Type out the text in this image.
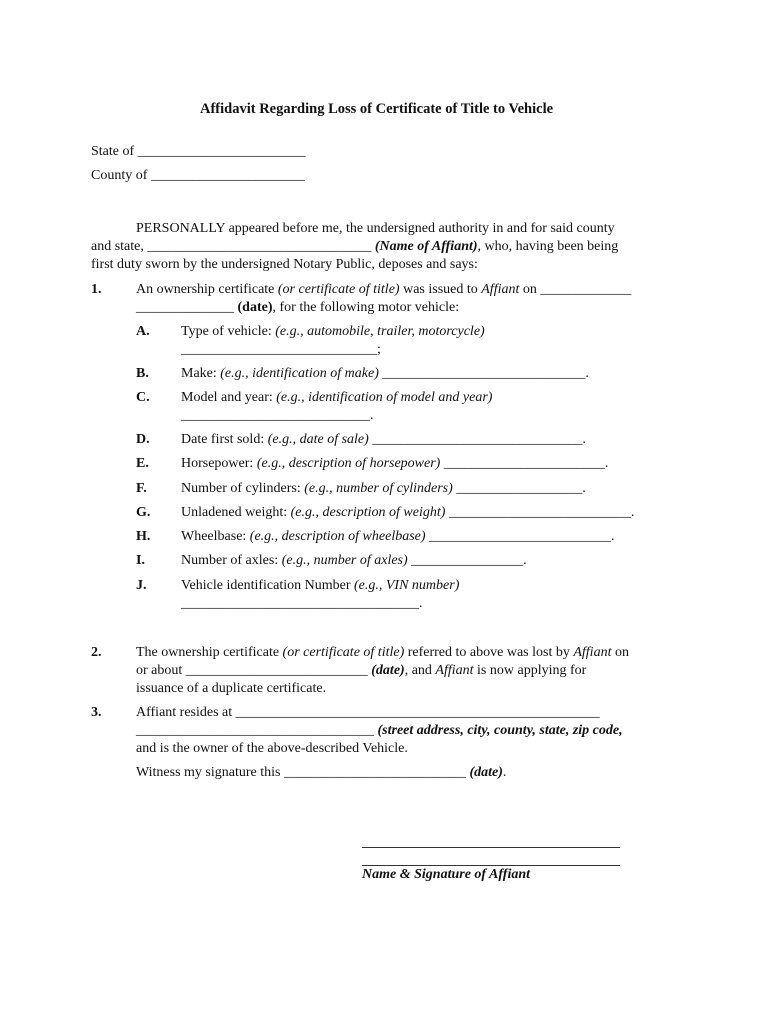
Affidavit Regarding Loss of Certificate of Title to Vehicle
State of ________________________
County of ______________________
PERSONALLY appeared before me, the undersigned authority in and for said county
and state, ________________________________ (Name of Affiant), who, having been being
first duty sworn by the undersigned Notary Public, deposes and says:
1. An ownership certificate (or certificate of title) was issued to Affiant on _____________
______________ (date), for the following motor vehicle:
A. Type of vehicle: (e.g., automobile, trailer, motorcycle)
____________________________;
B. Make: (e.g., identification of make) _____________________________.
C. Model and year: (e.g., identification of model and year)
___________________________.
D. Date first sold: (e.g., date of sale) ______________________________.
E. Horsepower: (e.g., description of horsepower) _______________________.
F. Number of cylinders: (e.g., number of cylinders) __________________.
G. Unladened weight: (e.g., description of weight) __________________________.
H. Wheelbase: (e.g., description of wheelbase) __________________________.
I.	Number of axles: (e.g., number of axles) ________________.
J. Vehicle identification Number (e.g., VIN number)
__________________________________.
2. The ownership certificate (or certificate of title) referred to above was lost by Affiant on
or about __________________________ (date), and Affiant is now applying for
issuance of a duplicate certificate.
3. Affiant resides at ____________________________________________________
__________________________________ (street address, city, county, state, zip code,
and is the owner of the above-described Vehicle.
Witness my signature this __________________________ (date).
Name & Signature of Affiant
